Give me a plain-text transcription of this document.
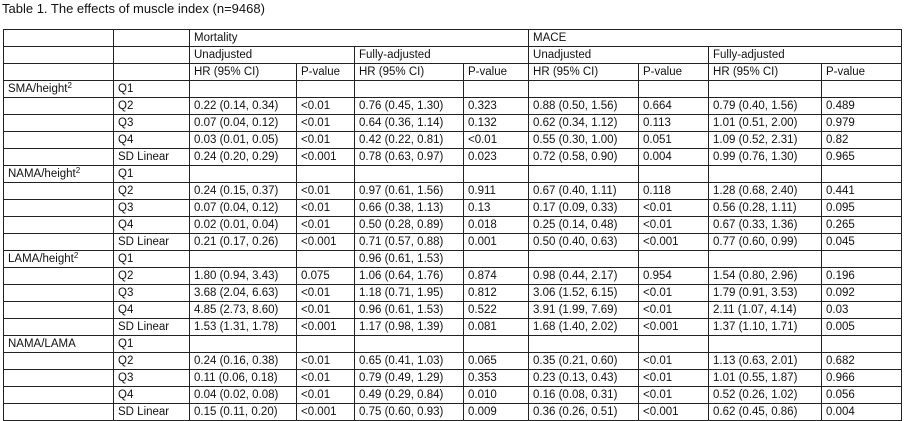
Table 1. The effects of muscle index (n=9468)
		Mortality				MACE			
		Unadjusted		Fully-adjusted		Unadjusted		Fully-adjusted	
		HR (95% CI)	P-value	HR (95% CI)	P-value	HR (95% CI)	P-value	HR (95% CI)	P-value
SMA/height$^2$	Q1								
	Q2	0.22 (0.14, 0.34)	<0.01	0.76 (0.45, 1.30)	0.323	0.88 (0.50, 1.56)	0.664	0.79 (0.40, 1.56)	0.489
	Q3	0.07 (0.04, 0.12)	<0.01	0.64 (0.36, 1.14)	0.132	0.62 (0.34, 1.12)	0.113	1.01 (0.51, 2.00)	0.979
	Q4	0.03 (0.01, 0.05)	<0.01	0.42 (0.22, 0.81)	<0.01	0.55 (0.30, 1.00)	0.051	1.09 (0.52, 2.31)	0.82
	SD Linear	0.24 (0.20, 0.29)	<0.001	0.78 (0.63, 0.97)	0.023	0.72 (0.58, 0.90)	0.004	0.99 (0.76, 1.30)	0.965
NAMA/height$^2$	Q1								
	Q2	0.24 (0.15, 0.37)	<0.01	0.97 (0.61, 1.56)	0.911	0.67 (0.40, 1.11)	0.118	1.28 (0.68, 2.40)	0.441
	Q3	0.07 (0.04, 0.12)	<0.01	0.66 (0.38, 1.13)	0.13	0.17 (0.09, 0.33)	<0.01	0.56 (0.28, 1.11)	0.095
	Q4	0.02 (0.01, 0.04)	<0.01	0.50 (0.28, 0.89)	0.018	0.25 (0.14, 0.48)	<0.01	0.67 (0.33, 1.36)	0.265
	SD Linear	0.21 (0.17, 0.26)	<0.001	0.71 (0.57, 0.88)	0.001	0.50 (0.40, 0.63)	<0.001	0.77 (0.60, 0.99)	0.045
LAMA/height$^2$	Q1			0.96 (0.61, 1.53)					
	Q2	1.80 (0.94, 3.43)	0.075	1.06 (0.64, 1.76)	0.874	0.98 (0.44, 2.17)	0.954	1.54 (0.80, 2.96)	0.196
	Q3	3.68 (2.04, 6.63)	<0.01	1.18 (0.71, 1.95)	0.812	3.06 (1.52, 6.15)	<0.01	1.79 (0.91, 3.53)	0.092
	Q4	4.85 (2.73, 8.60)	<0.01	0.96 (0.61, 1.53)	0.522	3.91 (1.99, 7.69)	<0.01	2.11 (1.07, 4.14)	0.03
	SD Linear	1.53 (1.31, 1.78)	<0.001	1.17 (0.98, 1.39)	0.081	1.68 (1.40, 2.02)	<0.001	1.37 (1.10, 1.71)	0.005
NAMA/LAMA	Q1								
	Q2	0.24 (0.16, 0.38)	<0.01	0.65 (0.41, 1.03)	0.065	0.35 (0.21, 0.60)	<0.01	1.13 (0.63, 2.01)	0.682
	Q3	0.11 (0.06, 0.18)	<0.01	0.79 (0.49, 1.29)	0.353	0.23 (0.13, 0.43)	<0.01	1.01 (0.55, 1.87)	0.966
	Q4	0.04 (0.02, 0.08)	<0.01	0.49 (0.29, 0.84)	0.010	0.16 (0.08, 0.31)	<0.01	0.52 (0.26, 1.02)	0.056
	SD Linear	0.15 (0.11, 0.20)	<0.001	0.75 (0.60, 0.93)	0.009	0.36 (0.26, 0.51)	<0.001	0.62 (0.45, 0.86)	0.004
